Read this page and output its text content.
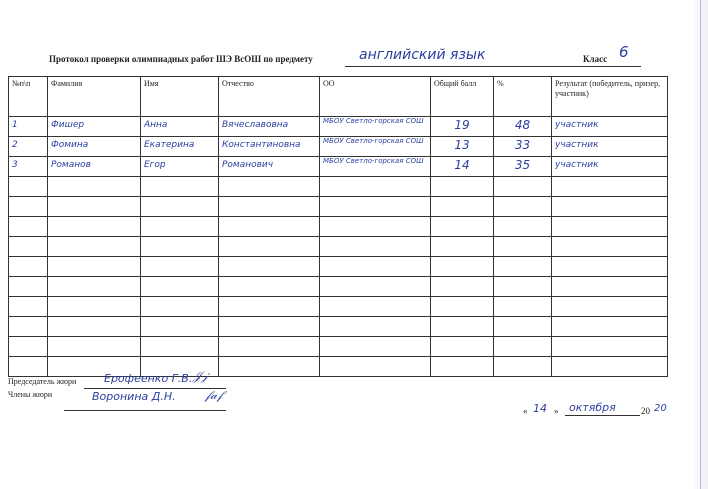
Протокол проверки олимпиадных работ ШЭ ВсОШ по предмету	английский язык	Класс 6
№п\п	Фамилия	Имя	Отчество	ОО	Общий балл	%	Результат (победитель, призер, участник)
1	Фишер	Анна	Вячеславовна	МБОУ Светло-горская СОШ	19	48	участник
2	Фомина	Екатерина	Константиновна	МБОУ Светло-горская СОШ	13	33	участник
3	Романов	Егор	Романович	МБОУ Светло-горская СОШ	14	35	участник

Председатель жюри	Ерофеенко Г.В. 𝒥𝒿
Члены жюри	Воронина Д.Н. 𝒻𝒶𝒻
« 14 » октября	20 20
